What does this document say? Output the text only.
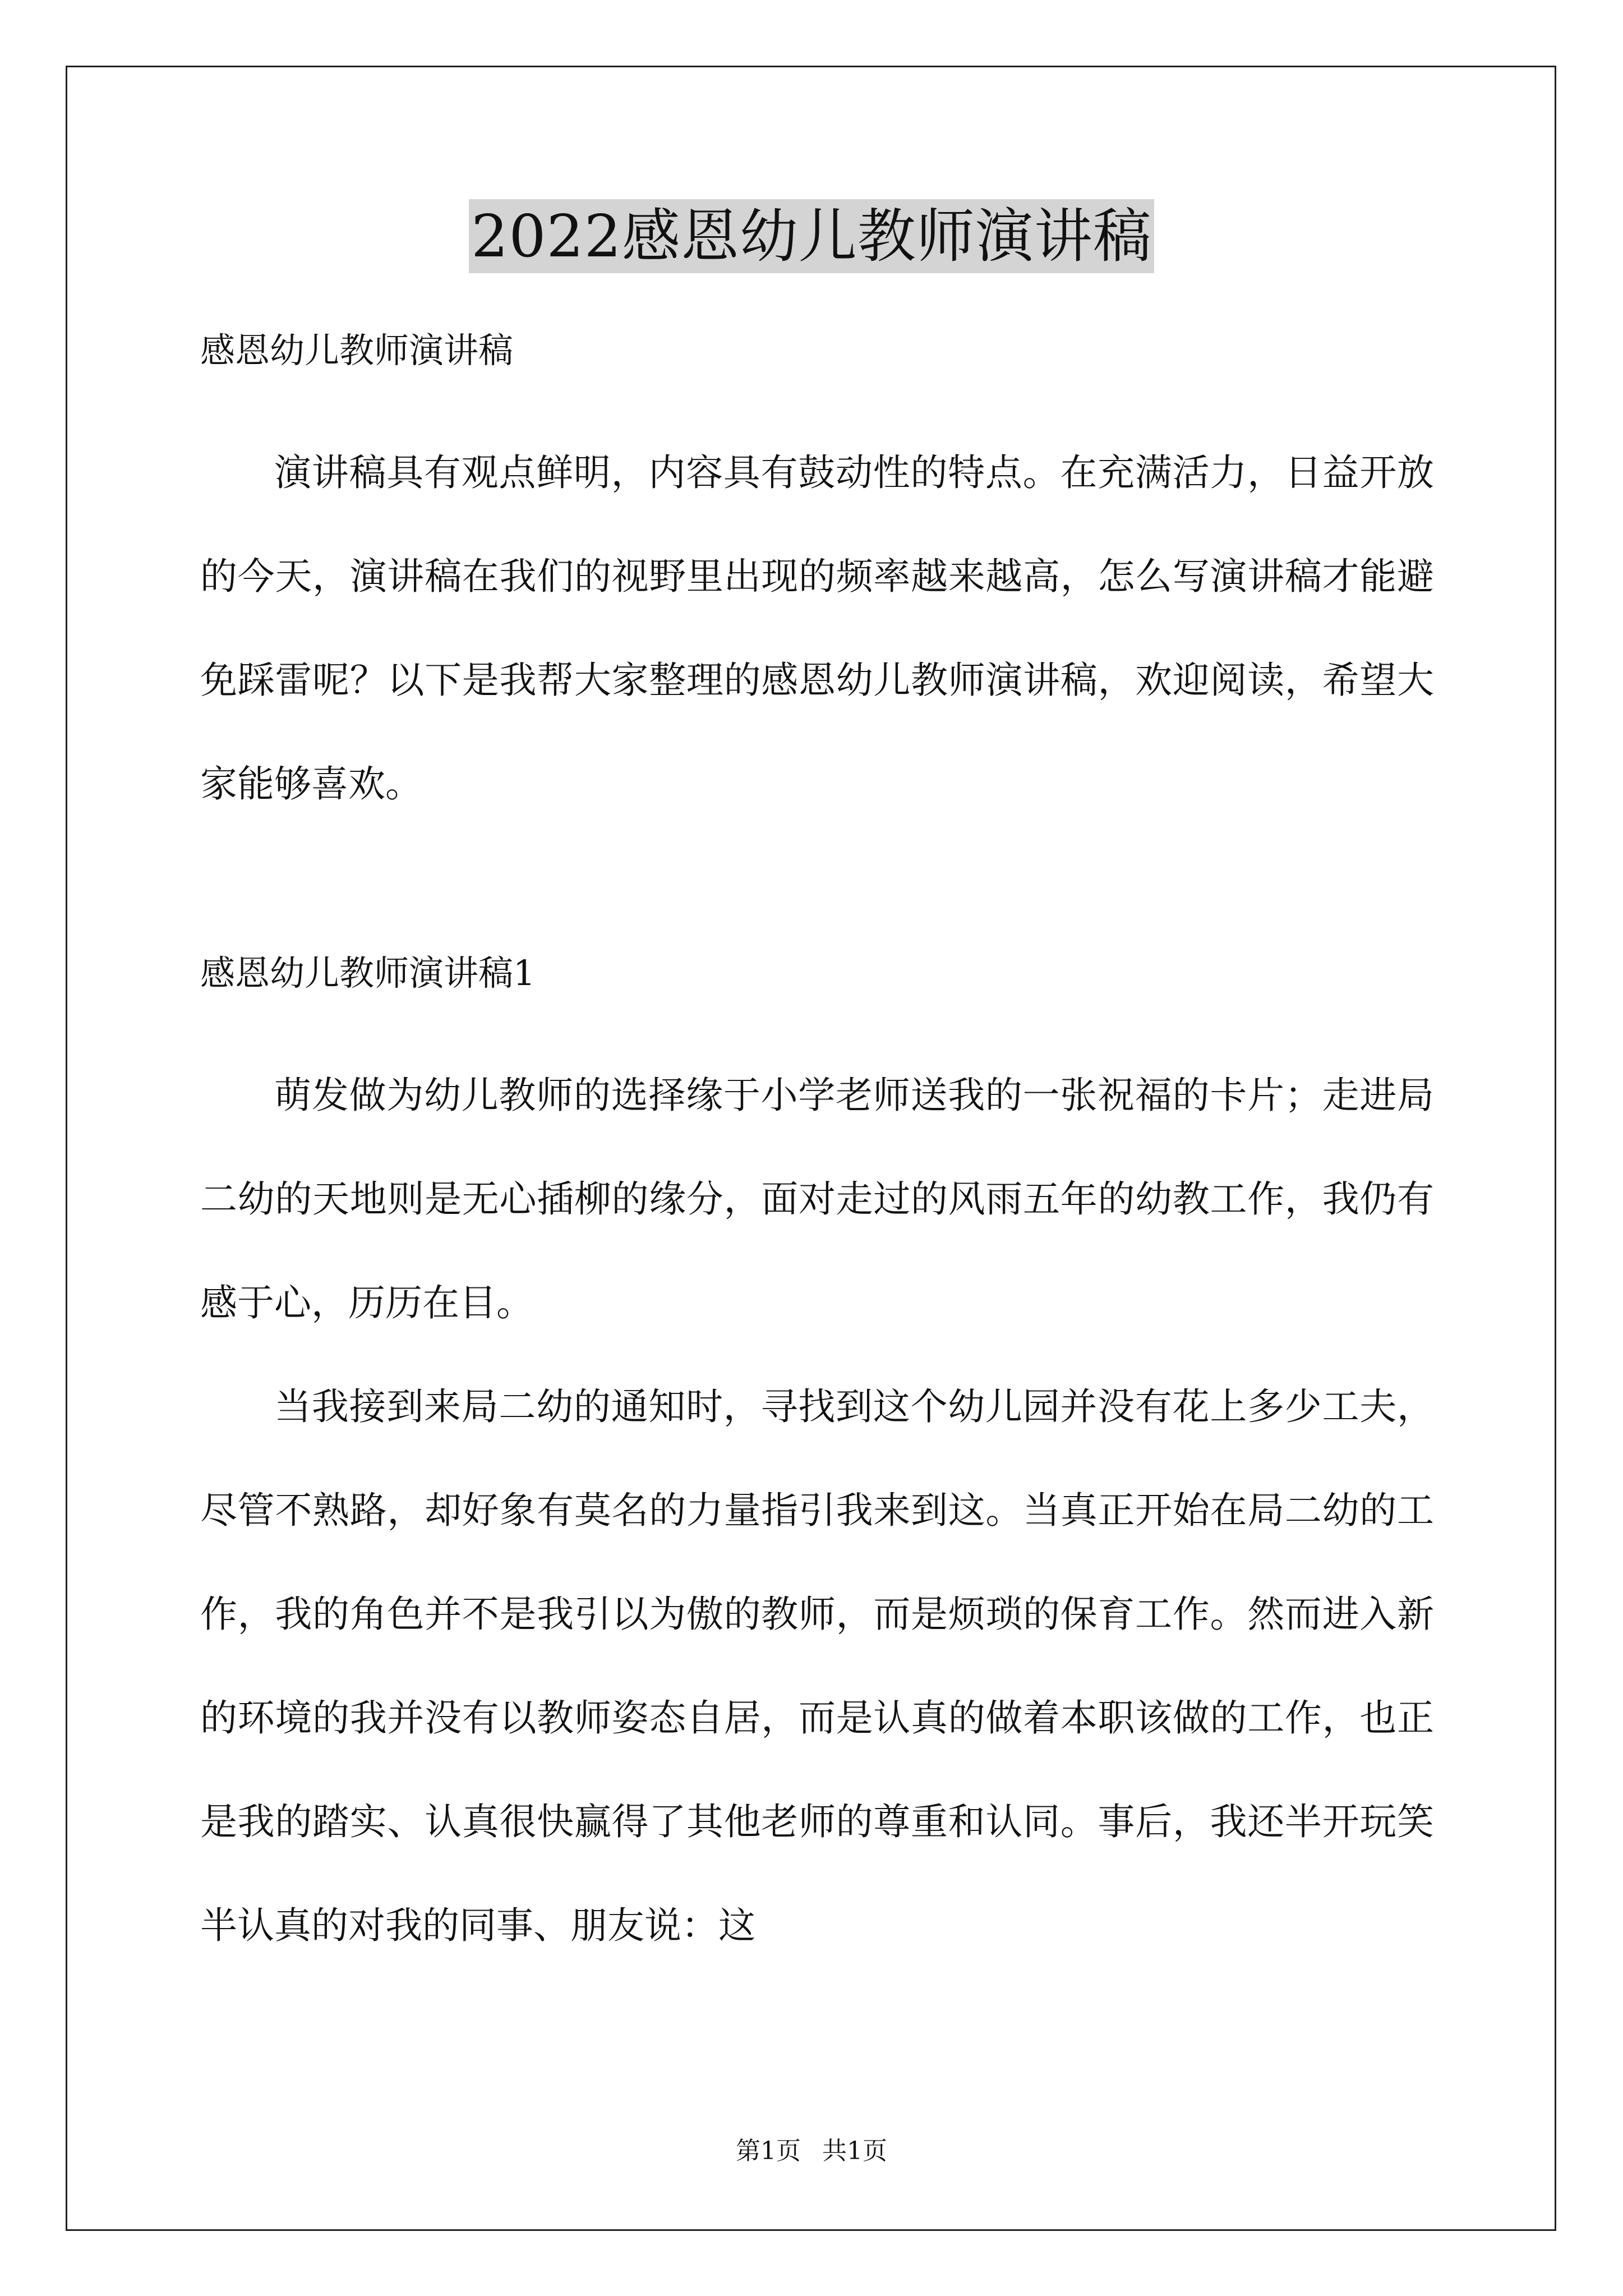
2022感恩幼儿教师演讲稿

感恩幼儿教师演讲稿

演讲稿具有观点鲜明，内容具有鼓动性的特点。在充满活力，日益开放的今天，演讲稿在我们的视野里出现的频率越来越高，怎么写演讲稿才能避免踩雷呢？以下是我帮大家整理的感恩幼儿教师演讲稿，欢迎阅读，希望大家能够喜欢。

感恩幼儿教师演讲稿1

萌发做为幼儿教师的选择缘于小学老师送我的一张祝福的卡片；走进局二幼的天地则是无心插柳的缘分，面对走过的风雨五年的幼教工作，我仍有感于心，历历在目。

当我接到来局二幼的通知时，寻找到这个幼儿园并没有花上多少工夫，尽管不熟路，却好象有莫名的力量指引我来到这。当真正开始在局二幼的工作，我的角色并不是我引以为傲的教师，而是烦琐的保育工作。然而进入新的环境的我并没有以教师姿态自居，而是认真的做着本职该做的工作，也正是我的踏实、认真很快赢得了其他老师的尊重和认同。事后，我还半开玩笑半认真的对我的同事、朋友说：这

第1页 共1页
